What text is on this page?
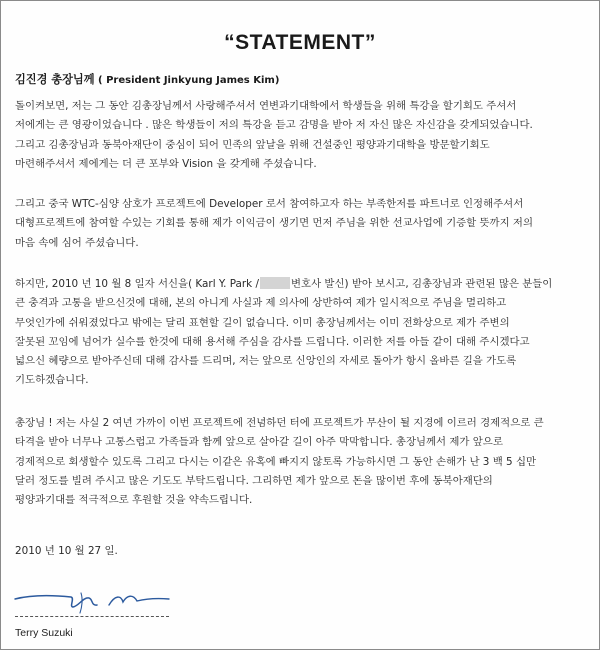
“STATEMENT”
김진경 총장님께 ( President Jinkyung James Kim)
돌이켜보면, 저는 그 동안 김총장님께서 사랑해주셔서 연변과기대학에서 학생들을 위해 특강을 할기회도 주셔서
저에게는 큰 영광이었습니다 . 많은 학생들이 저의 특강을 듣고 감명을 받아 저 자신 많은 자신감을 갖게되었습니다.
그리고 김총장님과 동북아재단이 중심이 되어 민족의 앞날을 위해 건설중인 평양과기대학을 방문할기회도
마련해주셔서 제에게는 더 큰 포부와 Vision 을 갖게해 주셨습니다.
그리고 중국 WTC-심양 삼호가 프로젝트에 Developer 로서 참여하고자 하는 부족한저를 파트너로 인정해주셔서
대형프로젝트에 참여할 수있는 기회를 통해 제가 이익금이 생기면 먼저 주님을 위한 선교사업에 기증할 뜻까지 저의
마음 속에 심어 주셨습니다.
하지만, 2010 년 10 월 8 일자 서신을( Karl Y. Park /	변호사 발신) 받아 보시고, 김총장님과 관련된 많은 분들이
큰 충격과 고통을 받으신것에 대해, 본의 아니게 사실과 제 의사에 상반하여 제가 일시적으로 주님을 멀리하고
무엇인가에 쉬워졌었다고 밖에는 달리 표현할 길이 없습니다. 이미 총장님께서는 이미 전화상으로 제가 주변의
잘못된 꼬임에 넘어가 실수를 한것에 대해 용서해 주심을 감사를 드립니다. 이러한 저를 아들 같이 대해 주시겠다고
넓으신 혜량으로 받아주신데 대해 감사를 드리며, 저는 앞으로 신앙인의 자세로 돌아가 항시 올바른 길을 가도록
기도하겠습니다.
총장님 ! 저는 사실 2 여년 가까이 이번 프로젝트에 전념하던 터에 프로젝트가 무산이 될 지경에 이르러 경제적으로 큰
타격을 받아 너무나 고통스럽고 가족들과 함께 앞으로 살아갈 길이 아주 막막합니다. 총장님께서 제가 앞으로
경제적으로 회생할수 있도록 그리고 다시는 이같은 유혹에 빠지지 않토록 가능하시면 그 동안 손해가 난 3 백 5 십만
달러 정도를 빌려 주시고 많은 기도도 부탁드립니다. 그리하면 제가 앞으로 돈을 많이번 후에 동북아재단의
평양과기대를 적극적으로 후원할 것을 약속드립니다.
2010 년 10 월 27 일.
Terry Suzuki
